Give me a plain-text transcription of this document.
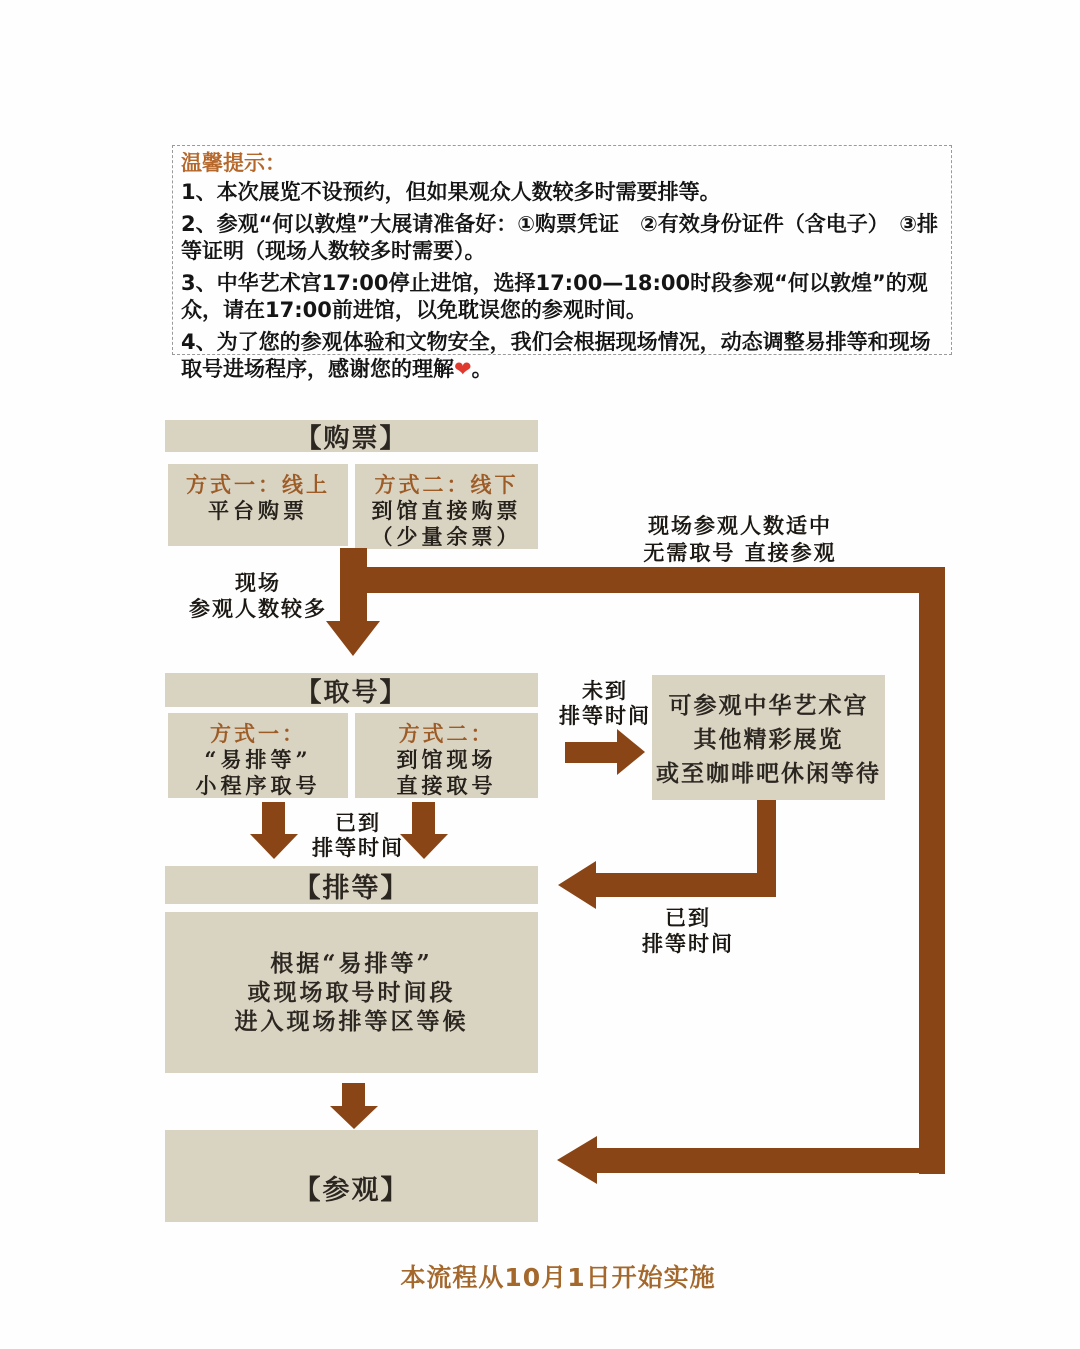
温馨提示：

1、本次展览不设预约，但如果观众人数较多时需要排等。

2、参观“何以敦煌”大展请准备好：①购票凭证　②有效身份证件（含电子）　③排等证明（现场人数较多时需要）。

3、中华艺术宫17:00停止进馆，选择17:00—18:00时段参观“何以敦煌”的观众，请在17:00前进馆，以免耽误您的参观时间。

4、为了您的参观体验和文物安全，我们会根据现场情况，动态调整易排等和现场取号进场程序，感谢您的理解❤。

【购票】
方式一：线上
平台购票
方式二：线下
到馆直接购票
（少量余票）
现场
参观人数较多
现场参观人数适中
无需取号 直接参观
【取号】
方式一：
“易排等”
小程序取号
方式二：
到馆现场
直接取号
未到
排等时间 可参观中华艺术宫
其他精彩展览
或至咖啡吧休闲等待
已到
排等时间
【排等】
已到
排等时间
根据“易排等”
或现场取号时间段
进入现场排等区等候
【参观】
本流程从10月1日开始实施
